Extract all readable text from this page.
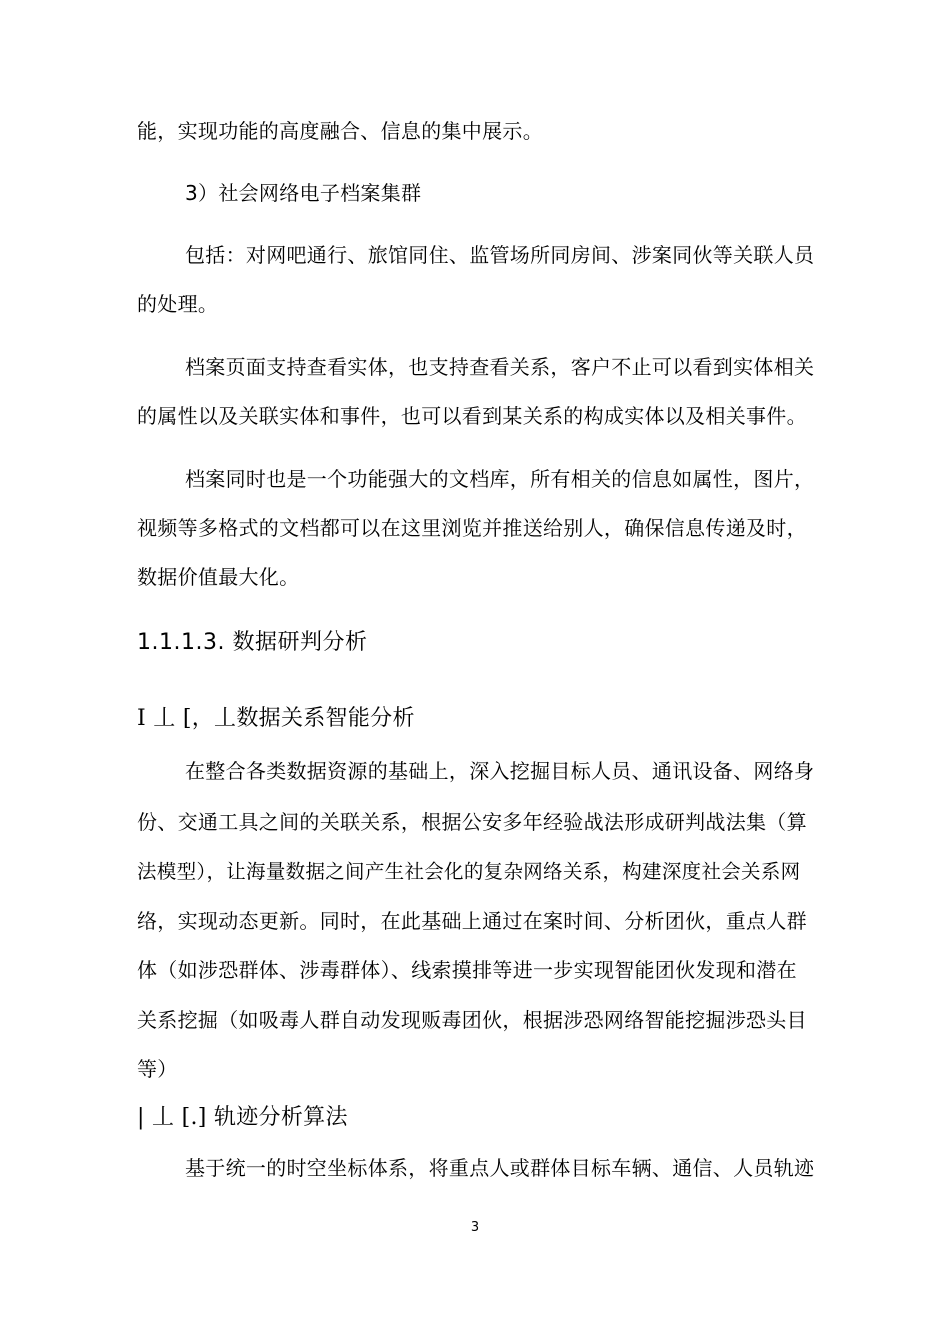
能，实现功能的高度融合、信息的集中展示。
3）社会网络电子档案集群
包括：对网吧通行、旅馆同住、监管场所同房间、涉案同伙等关联人员
的处理。
档案页面支持查看实体，也支持查看关系，客户不止可以看到实体相关
的属性以及关联实体和事件，也可以看到某关系的构成实体以及相关事件。
档案同时也是一个功能强大的文档库，所有相关的信息如属性，图片，
视频等多格式的文档都可以在这里浏览并推送给别人，确保信息传递及时，
数据价值最大化。
1.1.1.3. 数据研判分析
I 丄 [，丄数据关系智能分析
在整合各类数据资源的基础上，深入挖掘目标人员、通讯设备、网络身
份、交通工具之间的关联关系，根据公安多年经验战法形成研判战法集（算
法模型），让海量数据之间产生社会化的复杂网络关系，构建深度社会关系网
络，实现动态更新。同时，在此基础上通过在案时间、分析团伙，重点人群
体（如涉恐群体、涉毒群体）、线索摸排等进一步实现智能团伙发现和潜在
关系挖掘（如吸毒人群自动发现贩毒团伙，根据涉恐网络智能挖掘涉恐头目
等）
| 丄 [.] 轨迹分析算法
基于统一的时空坐标体系，将重点人或群体目标车辆、通信、人员轨迹
3
